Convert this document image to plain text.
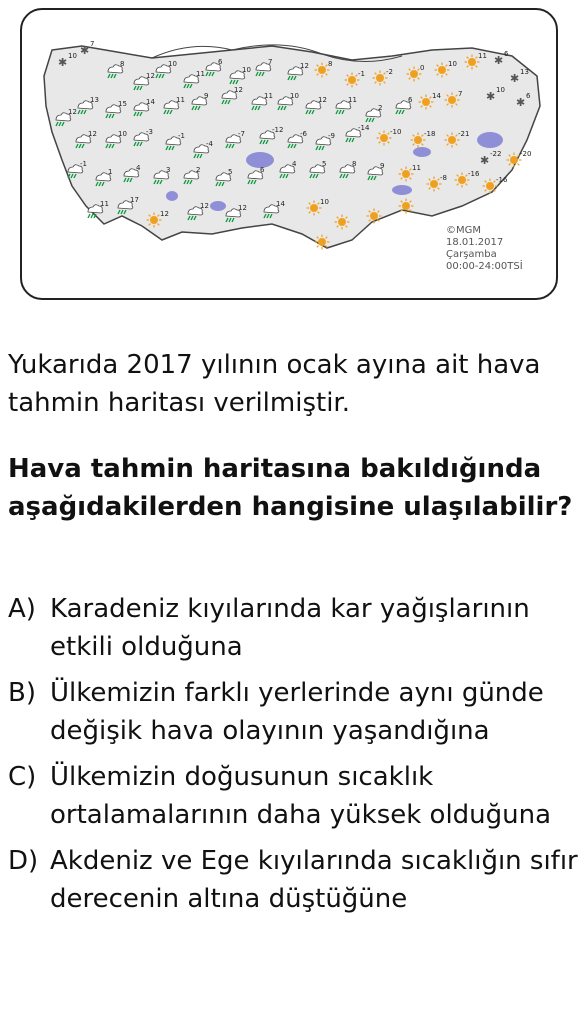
✱ 10 ✱ 7
8
12
10
11
6
10
7	12	8
-1	-2	0	10
11 ✱ 6
✱ 13
✱ 10
✱ 6
7
14
6
2
11
12
10
11
12
9
11
14
15
13
12
12	10	-3	-1
-4
-7	-12 -6	-9
-14	-10	-18	-21
✱ -22	-20
-16
-16
-8
11
9
8
5
4
6
5
2
3
4
1
-1
11	17
12
12	12	14	10
©MGM
18.01.2017
Çarşamba
00:00-24:00TSİ
Yukarıda 2017 yılının ocak ayına ait hava tahmin haritası verilmiştir.
Hava tahmin haritasına bakıldığında aşağıdakilerden hangisine ulaşılabilir?
A) Karadeniz kıyılarında kar yağışlarının etkili olduğuna
B) Ülkemizin farklı yerlerinde aynı günde değişik hava olayının yaşandığına
C) Ülkemizin doğusunun sıcaklık ortalamalarının daha yüksek olduğuna
D) Akdeniz ve Ege kıyılarında sıcaklığın sıfır derecenin altına düştüğüne
